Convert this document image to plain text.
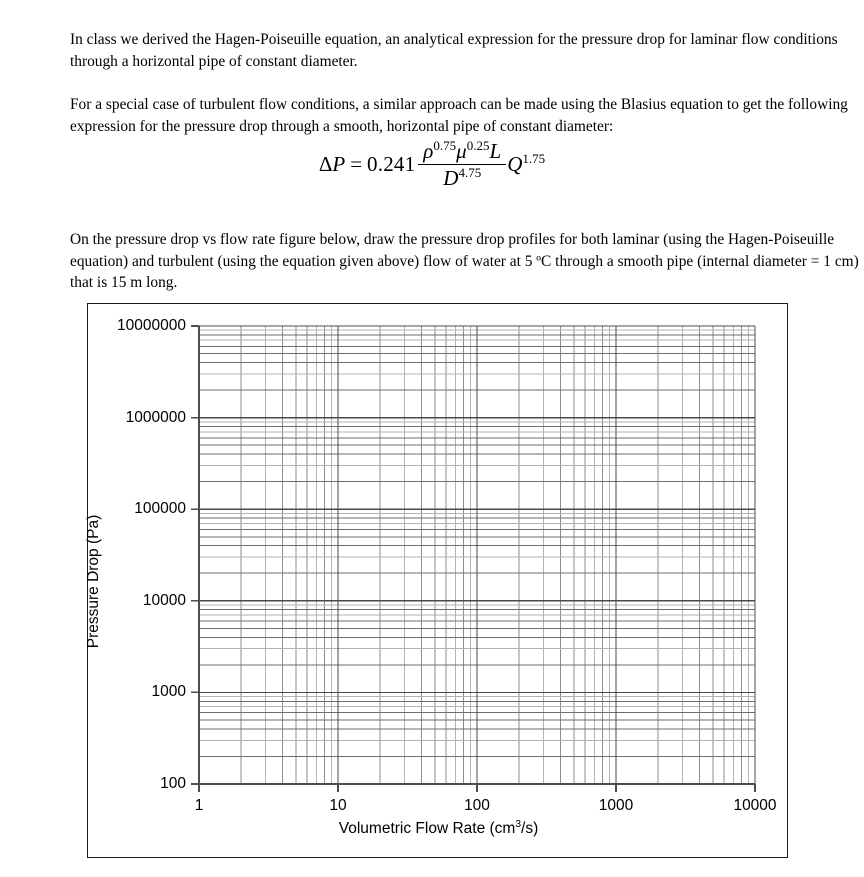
In class we derived the Hagen-Poiseuille equation, an analytical expression for the pressure drop for laminar flow conditions through a horizontal pipe of constant diameter.

For a special case of turbulent flow conditions, a similar approach can be made using the Blasius equation to get the following expression for the pressure drop through a smooth, horizontal pipe of constant diameter:

Δ $P = 0.241 \frac{\rho^{0.75}\mu^{0.25}L}{D^{4.75}} Q^{1.75}$

On the pressure drop vs flow rate figure below, draw the pressure drop profiles for both laminar (using the Hagen-Poiseuille equation) and turbulent (using the equation given above) flow of water at 5 ºC through a smooth pipe (internal diameter = 1 cm) that is 15 m long.

100
1000
10000
100000
1000000
10000000
1	10	100	1000	10000
Pressure Drop (Pa)
Volumetric Flow Rate $(cm^3/s)$
